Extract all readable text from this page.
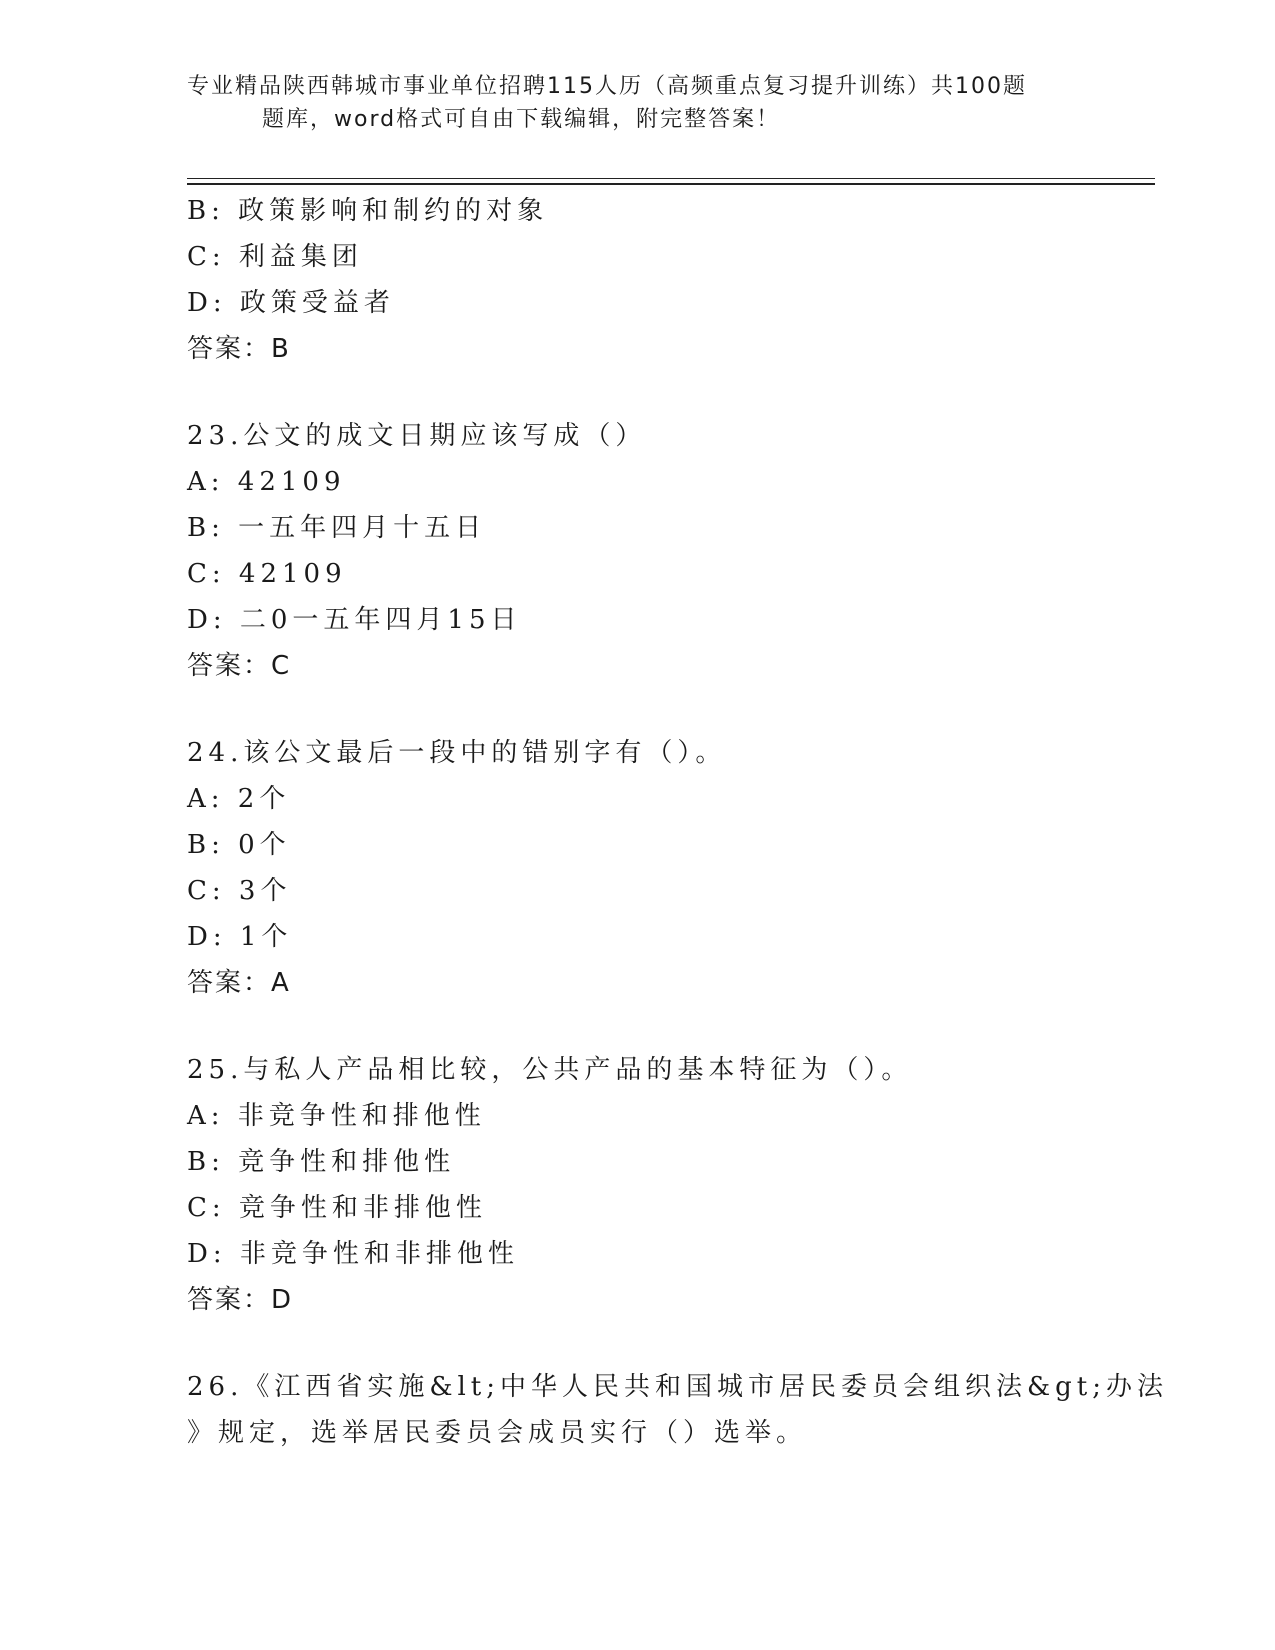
专业精品陕西韩城市事业单位招聘115人历（高频重点复习提升训练）共100题
题库，word格式可自由下载编辑，附完整答案！
B: 政策影响和制约的对象
C: 利益集团
D: 政策受益者
答案：B
23.公文的成文日期应该写成（）
A: 42109
B: 一五年四月十五日
C: 42109
D: 二0一五年四月15日
答案：C
24.该公文最后一段中的错别字有（）。
A: 2个
B: 0个
C: 3个
D: 1个
答案：A
25.与私人产品相比较，公共产品的基本特征为（）。
A: 非竞争性和排他性
B: 竞争性和排他性
C: 竞争性和非排他性
D: 非竞争性和非排他性
答案：D
26.《江西省实施&lt;中华人民共和国城市居民委员会组织法&gt;办法
》规定，选举居民委员会成员实行（）选举。
